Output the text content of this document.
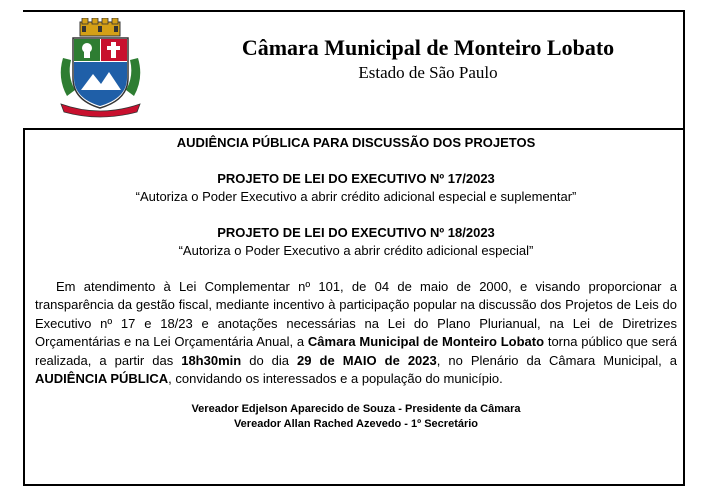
Câmara Municipal de Monteiro Lobato

Estado de São Paulo

AUDIÊNCIA PÚBLICA PARA DISCUSSÃO DOS PROJETOS

PROJETO DE LEI DO EXECUTIVO Nº 17/2023

“Autoriza o Poder Executivo a abrir crédito adicional especial e suplementar”

PROJETO DE LEI DO EXECUTIVO Nº 18/2023

“Autoriza o Poder Executivo a abrir crédito adicional especial”

Em atendimento à Lei Complementar nº 101, de 04 de maio de 2000, e visando proporcionar a transparência da gestão fiscal, mediante incentivo à participação popular na discussão dos Projetos de Leis do Executivo nº 17 e 18/23 e anotações necessárias na Lei do Plano Plurianual, na Lei de Diretrizes Orçamentárias e na Lei Orçamentária Anual, a Câmara Municipal de Monteiro Lobato torna público que será realizada, a partir das 18h30min do dia 29 de MAIO de 2023, no Plenário da Câmara Municipal, a AUDIÊNCIA PÚBLICA, convidando os interessados e a população do município.

Vereador Edjelson Aparecido de Souza - Presidente da Câmara

Vereador Allan Rached Azevedo - 1º Secretário
